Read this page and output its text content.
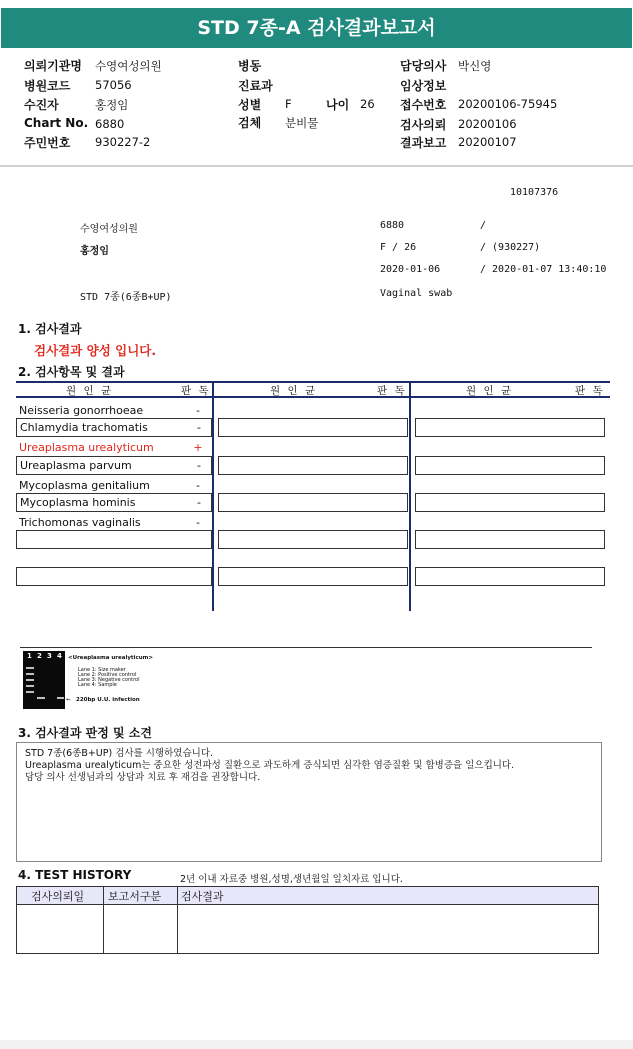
STD 7종-A 검사결과보고서
의뢰기관명 수영여성의원	병동	담당의사 박신영
병원코드 57056	진료과	임상정보
수진자	홍정임	성별 F	나이 26 접수번호 20200106-75945
Chart No. 6880	검체 분비물	검사의뢰 20200106
주민번호 930227-2	결과보고 20200107
10107376
수영여성의원	6880	/
홍정임	F / 26	/ (930227)
2020-01-06	/ 2020-01-07 13:40:10
STD 7종(6종B+UP)	Vaginal swab
1. 검사결과
검사결과 양성 입니다.
2. 검사항목 및 결과
원 인 균	판 독	원 인 균	판 독	원 인 균	판 독
Neisseria gonorrhoeae	-
Chlamydia trachomatis	-
Ureaplasma urealyticum	+
Ureaplasma parvum	-
Mycoplasma genitalium	-
Mycoplasma hominis	-
Trichomonas vaginalis	-
1 2 3 4 <Ureaplasma urealyticum>
Lane 1: Size maker
Lane 2: Positive control
Lane 3: Negative control
Lane 4: Sample
← 220bp U.U. infection
3. 검사결과 판정 및 소견
STD 7종(6종B+UP) 검사를 시행하였습니다.
Ureaplasma urealyticum는 중요한 성전파성 질환으로 과도하게 증식되면 심각한 염증질환 및 합병증을 일으킵니다.
담당 의사 선생님과의 상담과 치료 후 재검을 권장합니다.
4. TEST HISTORY	2년 이내 자료중 병원,성명,생년월일 일치자료 입니다.
검사의뢰일 보고서구분 검사결과
